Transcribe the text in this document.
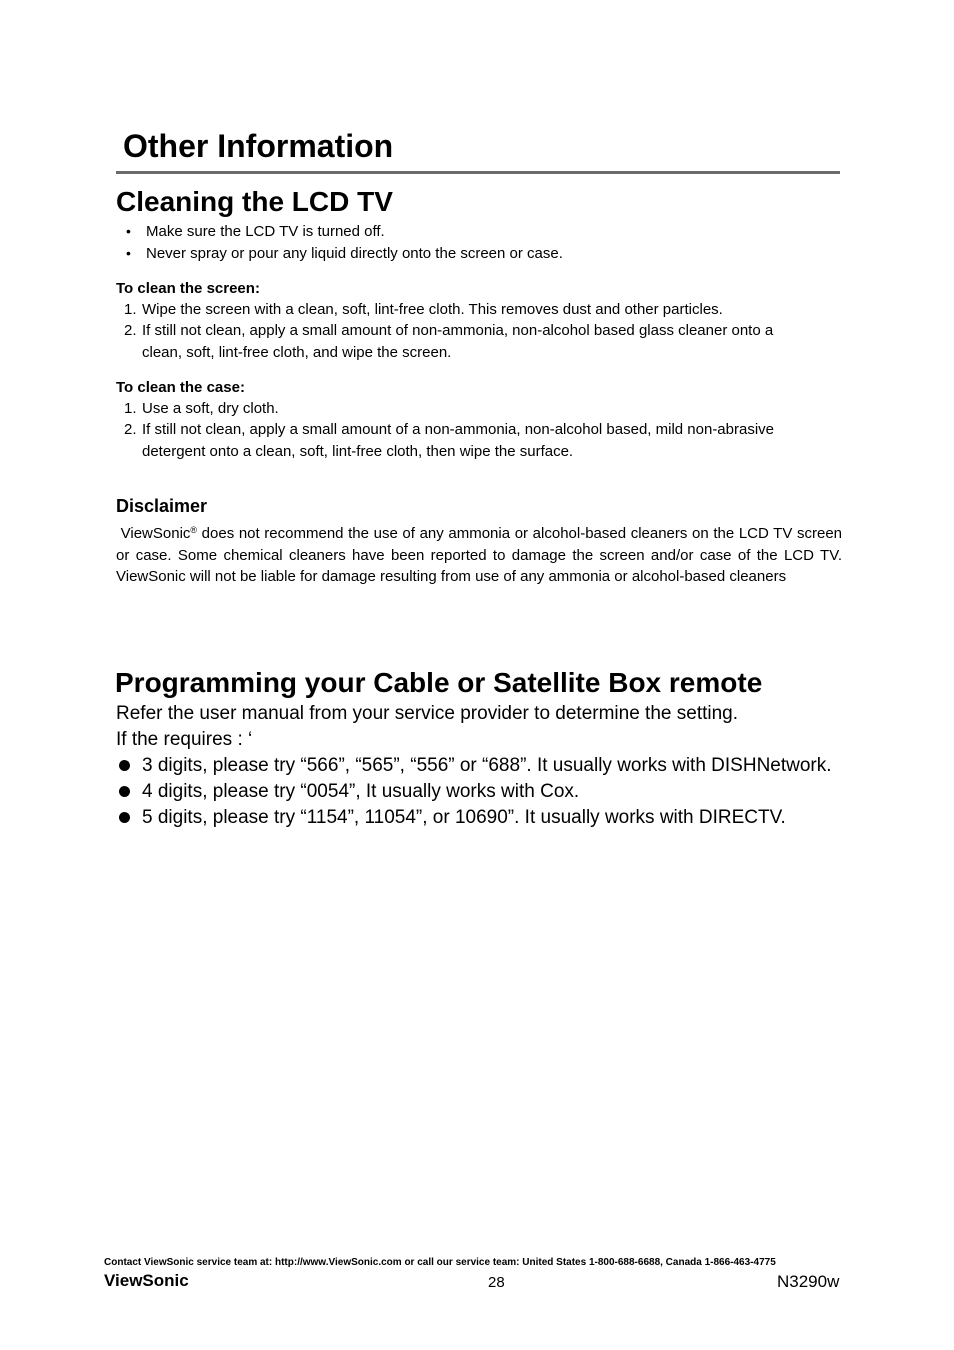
Other Information
Cleaning the LCD TV
• Make sure the LCD TV is turned off.
• Never spray or pour any liquid directly onto the screen or case.
To clean the screen:
1. Wipe the screen with a clean, soft, lint-free cloth. This removes dust and other particles.
2. If still not clean, apply a small amount of non-ammonia, non-alcohol based glass cleaner onto a
clean, soft, lint-free cloth, and wipe the screen.
To clean the case:
1. Use a soft, dry cloth.
2. If still not clean, apply a small amount of a non-ammonia, non-alcohol based, mild non-abrasive
detergent onto a clean, soft, lint-free cloth, then wipe the surface.
Disclaimer
ViewSonic® does not recommend the use of any ammonia or alcohol-based cleaners on the LCD TV screen or case. Some chemical cleaners have been reported to damage the screen and/or case of the LCD TV. ViewSonic will not be liable for damage resulting from use of any ammonia or alcohol-based cleaners
Programming your Cable or Satellite Box remote
Refer the user manual from your service provider to determine the setting.
If the requires : ‘
3 digits, please try “566”, “565”, “556” or “688”. It usually works with DISHNetwork.
4 digits, please try “0054”, It usually works with Cox.
5 digits, please try “1154”, 11054”, or 10690”. It usually works with DIRECTV.
Contact ViewSonic service team at: http://www.ViewSonic.com or call our service team: United States 1-800-688-6688, Canada 1-866-463-4775
ViewSonic	28	N3290w
